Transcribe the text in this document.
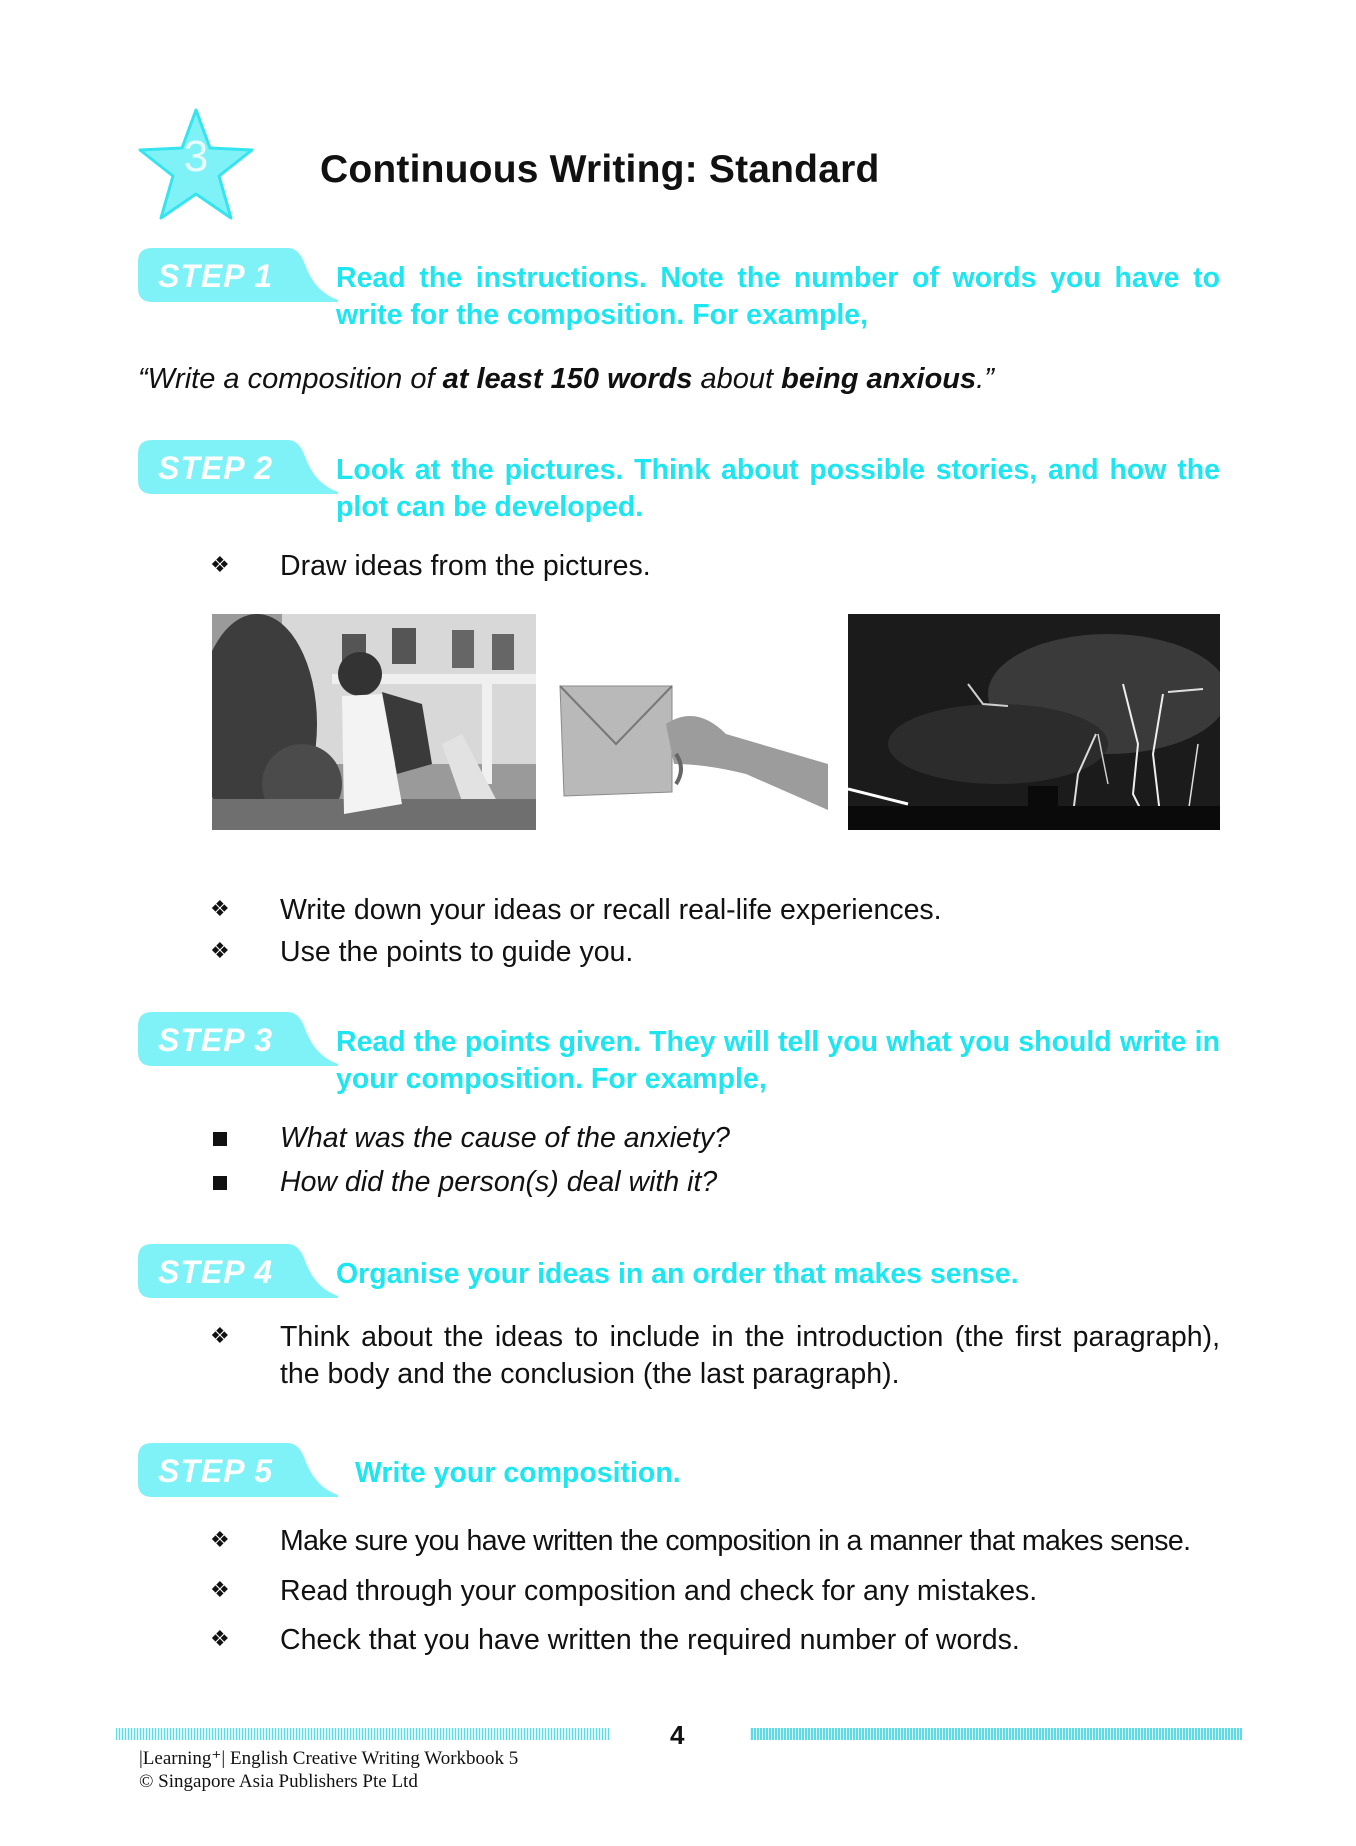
3	Continuous Writing: Standard
STEP 1 Read the instructions. Note the number of words you have to write for the composition. For example,
“Write a composition of at least 150 words about being anxious.”
STEP 2 Look at the pictures. Think about possible stories, and how the plot can be developed.
❖ Draw ideas from the pictures.
❖ Write down your ideas or recall real-life experiences.
❖ Use the points to guide you.
STEP 3 Read the points given. They will tell you what you should write in your composition. For example,
What was the cause of the anxiety?
How did the person(s) deal with it?
STEP 4 Organise your ideas in an order that makes sense.
❖ Think about the ideas to include in the introduction (the first paragraph), the body and the conclusion (the last paragraph).
STEP 5	Write your composition.
❖ Make sure you have written the composition in a manner that makes sense.
❖ Read through your composition and check for any mistakes.
❖ Check that you have written the required number of words.
4
|Learning⁺| English Creative Writing Workbook 5
© Singapore Asia Publishers Pte Ltd
